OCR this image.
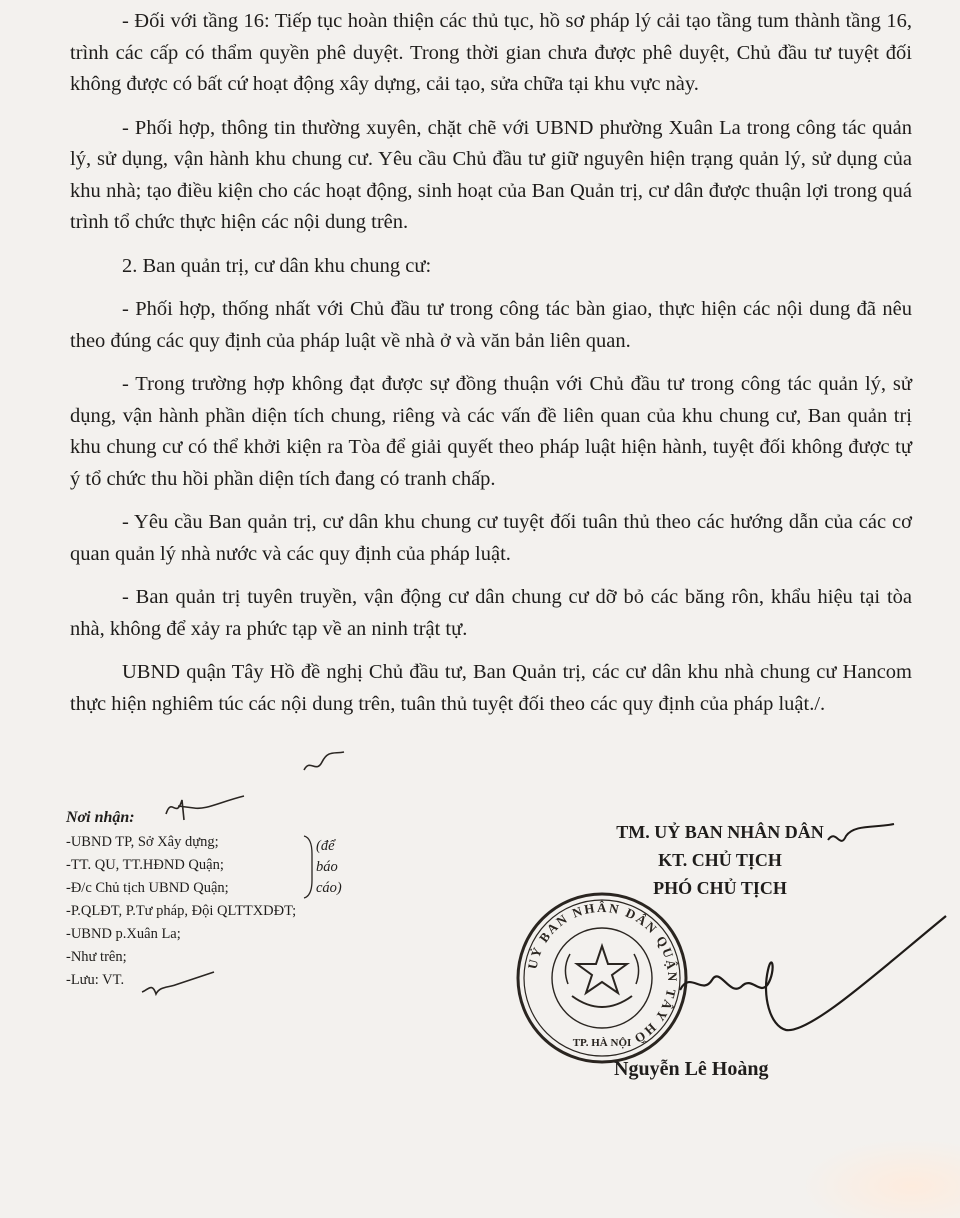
- Đối với tầng 16: Tiếp tục hoàn thiện các thủ tục, hồ sơ pháp lý cải tạo tầng tum thành tầng 16, trình các cấp có thẩm quyền phê duyệt. Trong thời gian chưa được phê duyệt, Chủ đầu tư tuyệt đối không được có bất cứ hoạt động xây dựng, cải tạo, sửa chữa tại khu vực này.

- Phối hợp, thông tin thường xuyên, chặt chẽ với UBND phường Xuân La trong công tác quản lý, sử dụng, vận hành khu chung cư. Yêu cầu Chủ đầu tư giữ nguyên hiện trạng quản lý, sử dụng của khu nhà; tạo điều kiện cho các hoạt động, sinh hoạt của Ban Quản trị, cư dân được thuận lợi trong quá trình tổ chức thực hiện các nội dung trên.

2. Ban quản trị, cư dân khu chung cư:

- Phối hợp, thống nhất với Chủ đầu tư trong công tác bàn giao, thực hiện các nội dung đã nêu theo đúng các quy định của pháp luật về nhà ở và văn bản liên quan.

- Trong trường hợp không đạt được sự đồng thuận với Chủ đầu tư trong công tác quản lý, sử dụng, vận hành phần diện tích chung, riêng và các vấn đề liên quan của khu chung cư, Ban quản trị khu chung cư có thể khởi kiện ra Tòa để giải quyết theo pháp luật hiện hành, tuyệt đối không được tự ý tổ chức thu hồi phần diện tích đang có tranh chấp.

- Yêu cầu Ban quản trị, cư dân khu chung cư tuyệt đối tuân thủ theo các hướng dẫn của các cơ quan quản lý nhà nước và các quy định của pháp luật.

- Ban quản trị tuyên truyền, vận động cư dân chung cư dỡ bỏ các băng rôn, khẩu hiệu tại tòa nhà, không để xảy ra phức tạp về an ninh trật tự.

UBND quận Tây Hồ đề nghị Chủ đầu tư, Ban Quản trị, các cư dân khu nhà chung cư Hancom thực hiện nghiêm túc các nội dung trên, tuân thủ tuyệt đối theo các quy định của pháp luật./.

Nơi nhận:
-UBND TP, Sở Xây dựng;
-TT. QU, TT.HĐND Quận;
-Đ/c Chủ tịch UBND Quận;
-P.QLĐT, P.Tư pháp, Đội QLTTXDĐT;
-UBND p.Xuân La;
-Như trên;
-Lưu: VT.
(để
báo
cáo)
TM. UỶ BAN NHÂN DÂN
KT. CHỦ TỊCH
PHÓ CHỦ TỊCH
UỶ BAN NHÂN DÂN QUẬN TÂY HỒ
TP. HÀ NỘI
Nguyễn Lê Hoàng
